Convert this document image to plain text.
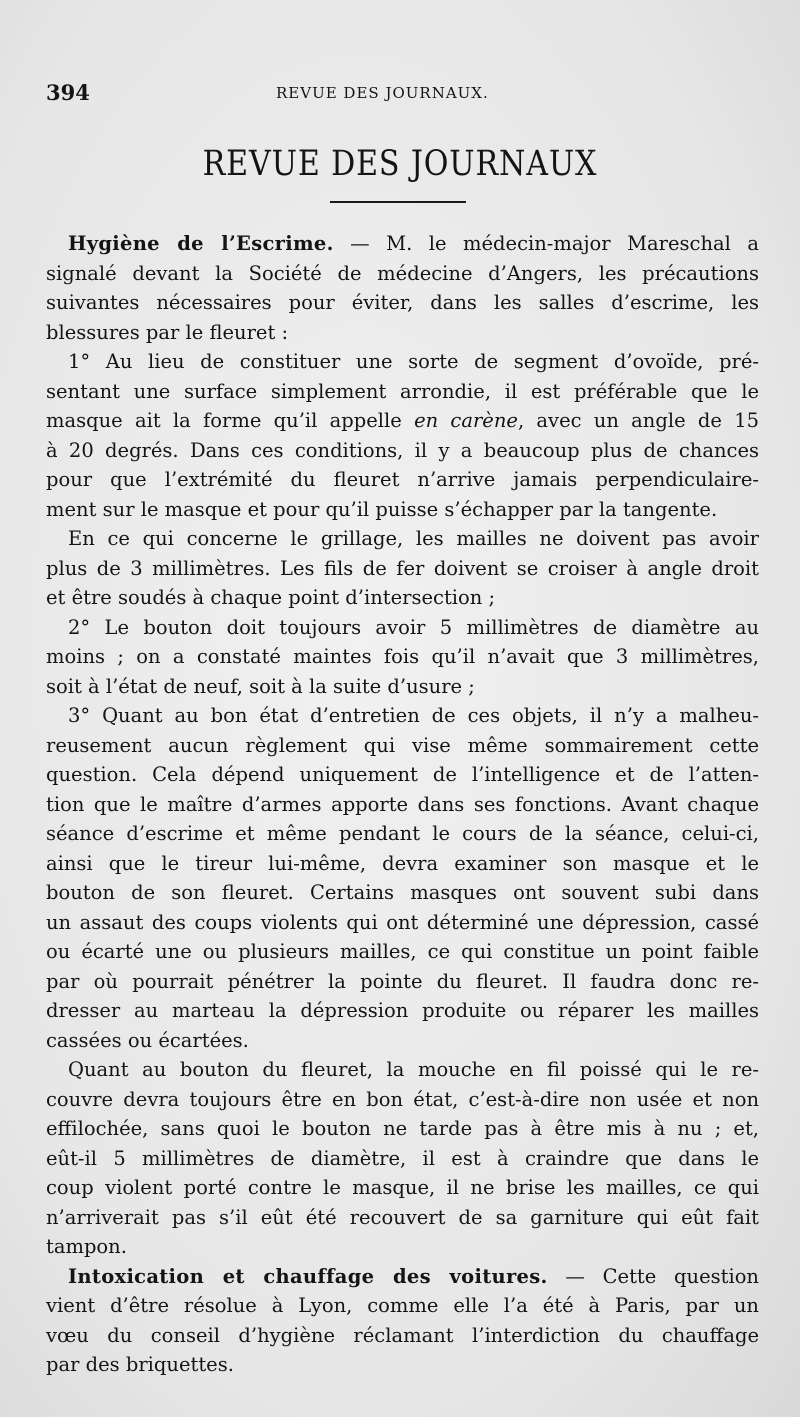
394	REVUE DES JOURNAUX.
REVUE DES JOURNAUX

Hygiène de l’Escrime. — M. le médecin-major Mareschal a
signalé devant la Société de médecine d’Angers, les précautions
suivantes nécessaires pour éviter, dans les salles d’escrime, les
blessures par le fleuret :

1° Au lieu de constituer une sorte de segment d’ovoïde, pré-
sentant une surface simplement arrondie, il est préférable que le
masque ait la forme qu’il appelle en carène, avec un angle de 15
à 20 degrés. Dans ces conditions, il y a beaucoup plus de chances
pour que l’extrémité du fleuret n’arrive jamais perpendiculaire-
ment sur le masque et pour qu’il puisse s’échapper par la tangente.

En ce qui concerne le grillage, les mailles ne doivent pas avoir
plus de 3 millimètres. Les fils de fer doivent se croiser à angle droit
et être soudés à chaque point d’intersection ;

2° Le bouton doit toujours avoir 5 millimètres de diamètre au
moins ; on a constaté maintes fois qu’il n’avait que 3 millimètres,
soit à l’état de neuf, soit à la suite d’usure ;

3° Quant au bon état d’entretien de ces objets, il n’y a malheu-
reusement aucun règlement qui vise même sommairement cette
question. Cela dépend uniquement de l’intelligence et de l’atten-
tion que le maître d’armes apporte dans ses fonctions. Avant chaque
séance d’escrime et même pendant le cours de la séance, celui-ci,
ainsi que le tireur lui-même, devra examiner son masque et le
bouton de son fleuret. Certains masques ont souvent subi dans
un assaut des coups violents qui ont déterminé une dépression, cassé
ou écarté une ou plusieurs mailles, ce qui constitue un point faible
par où pourrait pénétrer la pointe du fleuret. Il faudra donc re-
dresser au marteau la dépression produite ou réparer les mailles
cassées ou écartées.

Quant au bouton du fleuret, la mouche en fil poissé qui le re-
couvre devra toujours être en bon état, c’est-à-dire non usée et non
effilochée, sans quoi le bouton ne tarde pas à être mis à nu ; et,
eût-il 5 millimètres de diamètre, il est à craindre que dans le
coup violent porté contre le masque, il ne brise les mailles, ce qui
n’arriverait pas s’il eût été recouvert de sa garniture qui eût fait
tampon.

Intoxication et chauffage des voitures. — Cette question
vient d’être résolue à Lyon, comme elle l’a été à Paris, par un
vœu du conseil d’hygiène réclamant l’interdiction du chauffage
par des briquettes.
